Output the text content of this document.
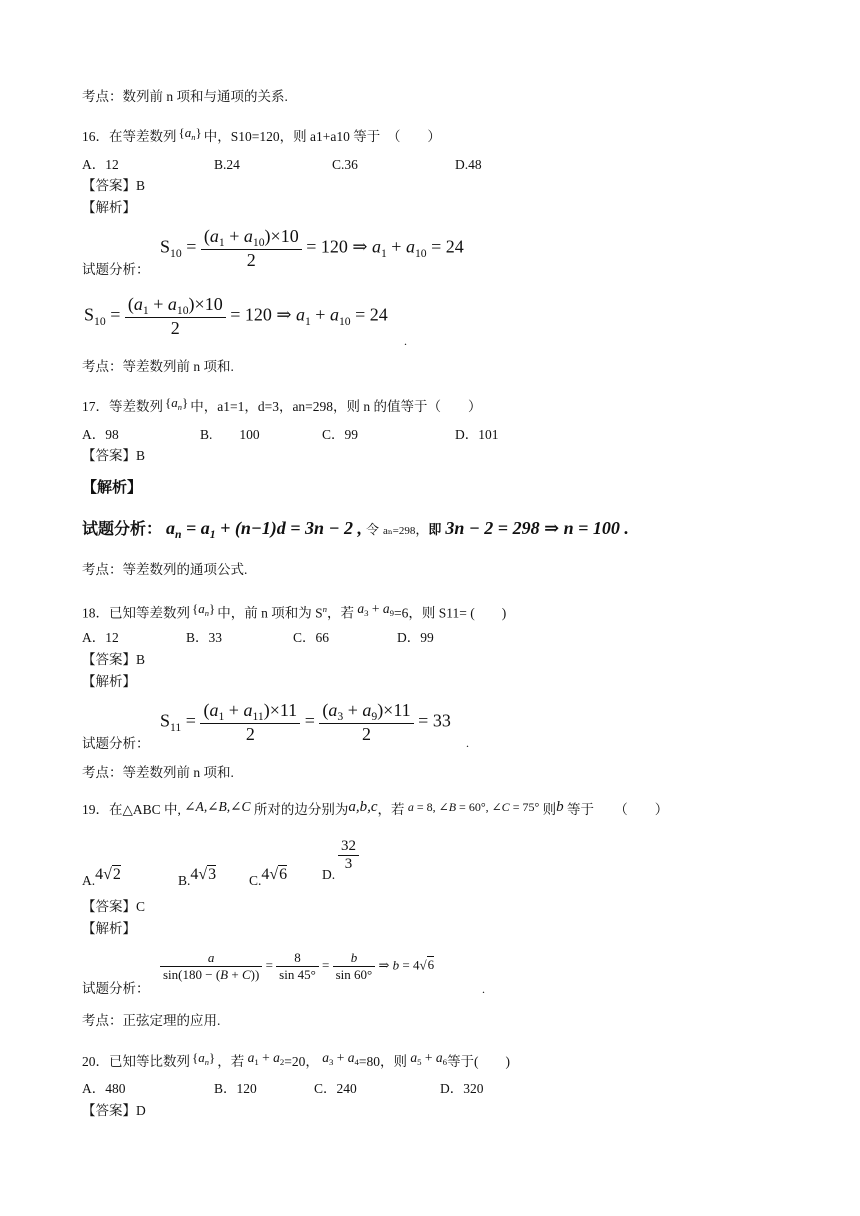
考点：数列前 n 项和与通项的关系.
16．在等差数列 $\{a_n\}$ 中，S10=120，则 a1+a10 等于　（　　）
A．12	B.24	C.36	D.48
【答案】B
【解析】
试题分析：
$S_{10} = \frac{(a_1 + a_{10})\times 10}{2} = 120$ ⇒ $a_1 + a_{10} = 24$
$S_{10} = \frac{(a_1 + a_{10})\times 10}{2} = 120$ ⇒ $a_1 + a_{10} = 24$
.
考点：等差数列前 n 项和.
17．等差数列 $\{a_n\}$ 中，a1=1，d=3，an=298，则 n 的值等于（　　）
A．98	B.　　100	C．99	D．101
【答案】B
【解析】
试题分析： $a_n = a_1 + (n-1)d = 3n - 2$ , 令 aₙ=298，即 3n − 2 = 298 ⇒ n = 100 .
考点：等差数列的通项公式.
18．已知等差数列 $\{a_n\}$ 中，前 n 项和为 $S^n$，若 $a_3 + a_9=6$，则 S11= (　　)
A．12	B．33	C．66	D．99
【答案】B
【解析】
试题分析：
$S_{11} = \frac{(a_1 + a_{11})\times 11}{2} = \frac{(a_3 + a_9)\times 11}{2} = 33$
.
考点：等差数列前 n 项和.
19．在△ABC 中, ∠A,∠B,∠C 所对的边分别为a,b,c，若 a = 8, ∠B = 60°, ∠C = 75° 则b 等于　　（　　）
A.4√2	B.4√3 C.4√6	D.
$\frac{32}{3}$
【答案】C
【解析】
试题分析：
$\frac{a}{\sin(180 - (B + C))} = \frac{8}{\sin 45^\circ} = \frac{b}{\sin 60^\circ}$ ⇒ b = 4√6
.
考点：正弦定理的应用.
20．已知等比数列 $\{a_n\}$ ，若 $a_1 + a_2=20$， $a_3 + a_4=80$，则 $a_5 + a_6$等于(　　)
A．480	B．120	C．240	D．320
【答案】D
